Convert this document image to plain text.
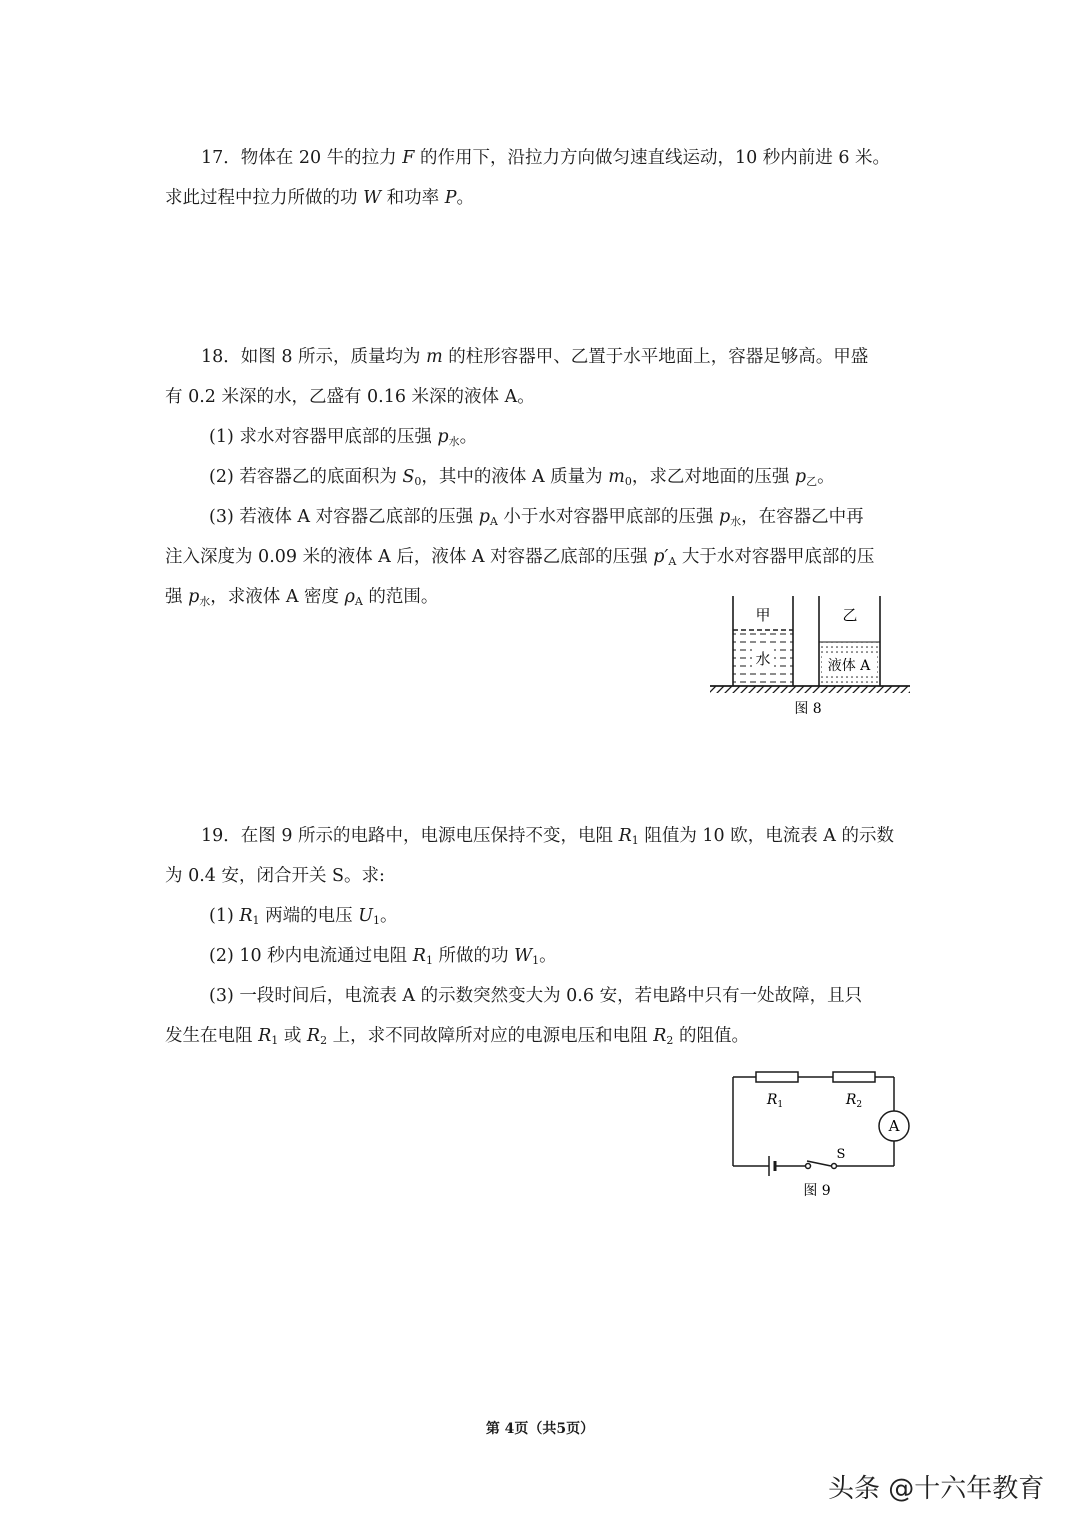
17．物体在 20 牛的拉力 F 的作用下，沿拉力方向做匀速直线运动，10 秒内前进 6 米。
求此过程中拉力所做的功 W 和功率 P。
18．如图 8 所示，质量均为 m 的柱形容器甲、乙置于水平地面上，容器足够高。甲盛
有 0.2 米深的水，乙盛有 0.16 米深的液体 A。
(1) 求水对容器甲底部的压强 $p_水$。
(2) 若容器乙的底面积为 $S_0$，其中的液体 A 质量为 $m_0$，求乙对地面的压强 $p_乙$。
(3) 若液体 A 对容器乙底部的压强 $p_A$ 小于水对容器甲底部的压强 $p_水$，在容器乙中再
注入深度为 0.09 米的液体 A 后，液体 A 对容器乙底部的压强 $p'_A$ 大于水对容器甲底部的压
强 $p_水$，求液体 A 密度 $\rho_A$ 的范围。
水
甲
液体 A
乙
图 8
19．在图 9 所示的电路中，电源电压保持不变，电阻 $R_1$ 阻值为 10 欧，电流表 A 的示数
为 0.4 安，闭合开关 S。求:
(1) $R_1$ 两端的电压 $U_1$。
(2) 10 秒内电流通过电阻 $R_1$ 所做的功 $W_1$。
(3) 一段时间后，电流表 A 的示数突然变大为 0.6 安，若电路中只有一处故障，且只
发生在电阻 $R_1$ 或 $R_2$ 上，求不同故障所对应的电源电压和电阻 $R_2$ 的阻值。
$R_1$	$R_2$
A
S
图 9
第 4页（共5页）
头条 @十六年教育
